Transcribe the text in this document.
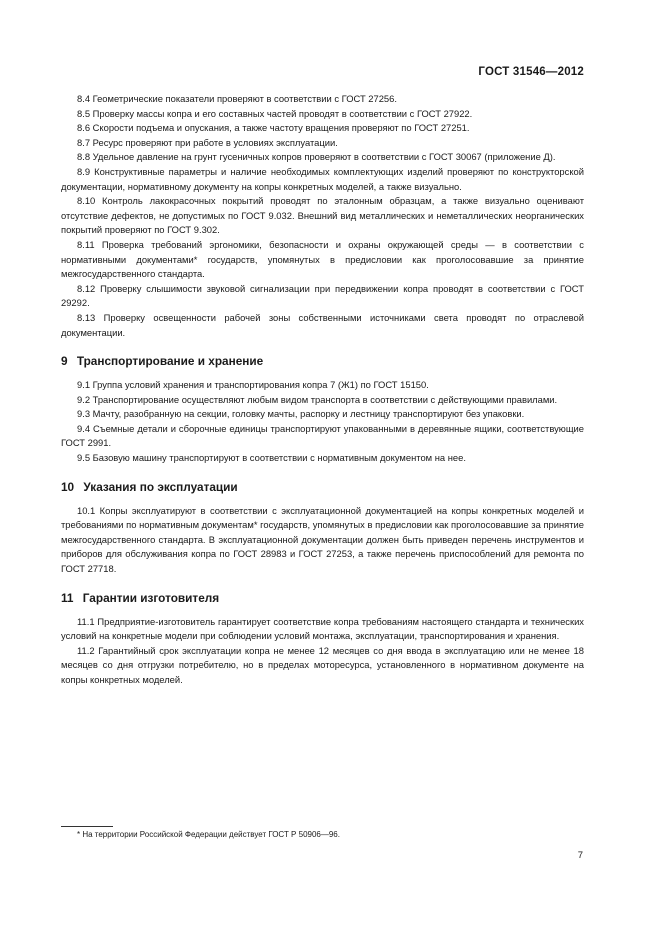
ГОСТ 31546—2012

8.4 Геометрические показатели проверяют в соответствии с ГОСТ 27256.

8.5 Проверку массы копра и его составных частей проводят в соответствии с ГОСТ 27922.

8.6 Скорости подъема и опускания, а также частоту вращения проверяют по ГОСТ 27251.

8.7 Ресурс проверяют при работе в условиях эксплуатации.

8.8 Удельное давление на грунт гусеничных копров проверяют в соответствии с ГОСТ 30067 (приложение Д).

8.9 Конструктивные параметры и наличие необходимых комплектующих изделий проверяют по конструкторской документации, нормативному документу на копры конкретных моделей, а также визуально.

8.10 Контроль лакокрасочных покрытий проводят по эталонным образцам, а также визуально оценивают отсутствие дефектов, не допустимых по ГОСТ 9.032. Внешний вид металлических и неметаллических неорганических покрытий проверяют по ГОСТ 9.302.

8.11 Проверка требований эргономики, безопасности и охраны окружающей среды — в соответствии с нормативными документами* государств, упомянутых в предисловии как проголосовавшие за принятие межгосударственного стандарта.

8.12 Проверку слышимости звуковой сигнализации при передвижении копра проводят в соответствии с ГОСТ 29292.

8.13 Проверку освещенности рабочей зоны собственными источниками света проводят по отраслевой документации.

9 Транспортирование и хранение

9.1 Группа условий хранения и транспортирования копра 7 (Ж1) по ГОСТ 15150.

9.2 Транспортирование осуществляют любым видом транспорта в соответствии с действующими правилами.

9.3 Мачту, разобранную на секции, головку мачты, распорку и лестницу транспортируют без упаковки.

9.4 Съемные детали и сборочные единицы транспортируют упакованными в деревянные ящики, соответствующие ГОСТ 2991.

9.5 Базовую машину транспортируют в соответствии с нормативным документом на нее.

10 Указания по эксплуатации

10.1 Копры эксплуатируют в соответствии с эксплуатационной документацией на копры конкретных моделей и требованиями по нормативным документам* государств, упомянутых в предисловии как проголосовавшие за принятие межгосударственного стандарта. В эксплуатационной документации должен быть приведен перечень инструментов и приборов для обслуживания копра по ГОСТ 28983 и ГОСТ 27253, а также перечень приспособлений для ремонта по ГОСТ 27718.

11 Гарантии изготовителя

11.1 Предприятие-изготовитель гарантирует соответствие копра требованиям настоящего стандарта и технических условий на конкретные модели при соблюдении условий монтажа, эксплуатации, транспортирования и хранения.

11.2 Гарантийный срок эксплуатации копра не менее 12 месяцев со дня ввода в эксплуатацию или не менее 18 месяцев со дня отгрузки потребителю, но в пределах моторесурса, установленного в нормативном документе на копры конкретных моделей.

* На территории Российской Федерации действует ГОСТ Р 50906—96.
7
